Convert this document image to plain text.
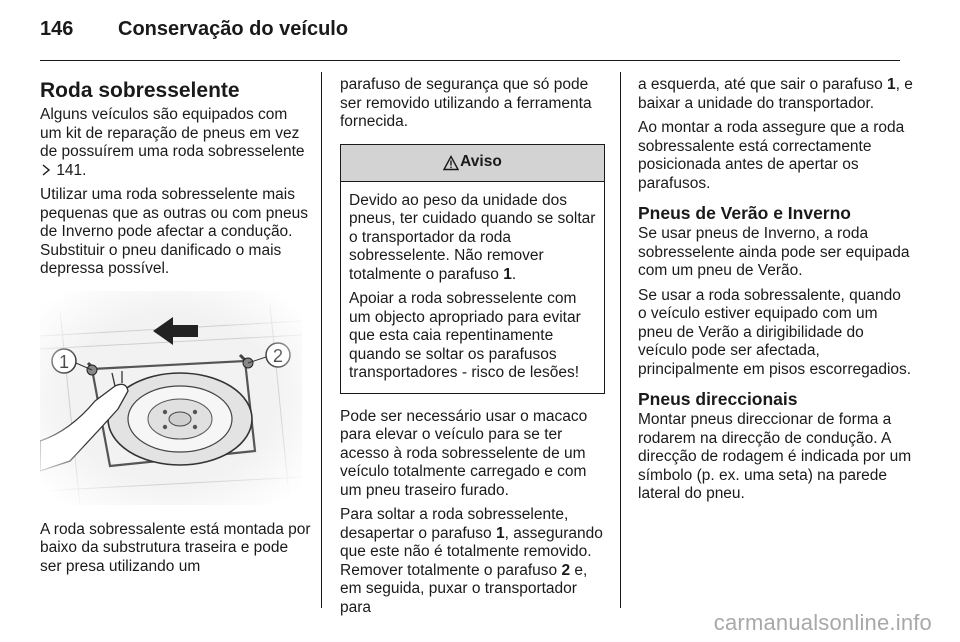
146 Conservação do veículo
Roda sobresselente

Alguns veículos são equipados com um kit de reparação de pneus em vez de possuírem uma roda sobresselente  141.

Utilizar uma roda sobresselente mais pequenas que as outras ou com pneus de Inverno pode afectar a condução. Substituir o pneu danificado o mais depressa possível.

A roda sobressalente está montada por baixo da substrutura traseira e pode ser presa utilizando um

parafuso de segurança que só pode ser removido utilizando a ferramenta fornecida.

Aviso

Devido ao peso da unidade dos pneus, ter cuidado quando se soltar o transportador da roda sobresselente. Não remover totalmente o parafuso 1.

Apoiar a roda sobresselente com um objecto apropriado para evitar que esta caia repentinamente quando se soltar os parafusos transportadores - risco de lesões!

Pode ser necessário usar o macaco para elevar o veículo para se ter acesso à roda sobresselente de um veículo totalmente carregado e com um pneu traseiro furado.

Para soltar a roda sobresselente, desapertar o parafuso 1, assegurando que este não é totalmente removido. Remover totalmente o parafuso 2 e, em seguida, puxar o transportador para

a esquerda, até que sair o parafuso 1, e baixar a unidade do transportador.

Ao montar a roda assegure que a roda sobressalente está correctamente posicionada antes de apertar os parafusos.

Pneus de Verão e Inverno

Se usar pneus de Inverno, a roda sobresselente ainda pode ser equipada com um pneu de Verão.

Se usar a roda sobressalente, quando o veículo estiver equipado com um pneu de Verão a dirigibilidade do veículo pode ser afectada, principalmente em pisos escorregadios.

Pneus direccionais

Montar pneus direccionar de forma a rodarem na direcção de condução. A direcção de rodagem é indicada por um símbolo (p. ex. uma seta) na parede lateral do pneu.

carmanualsonline.info
